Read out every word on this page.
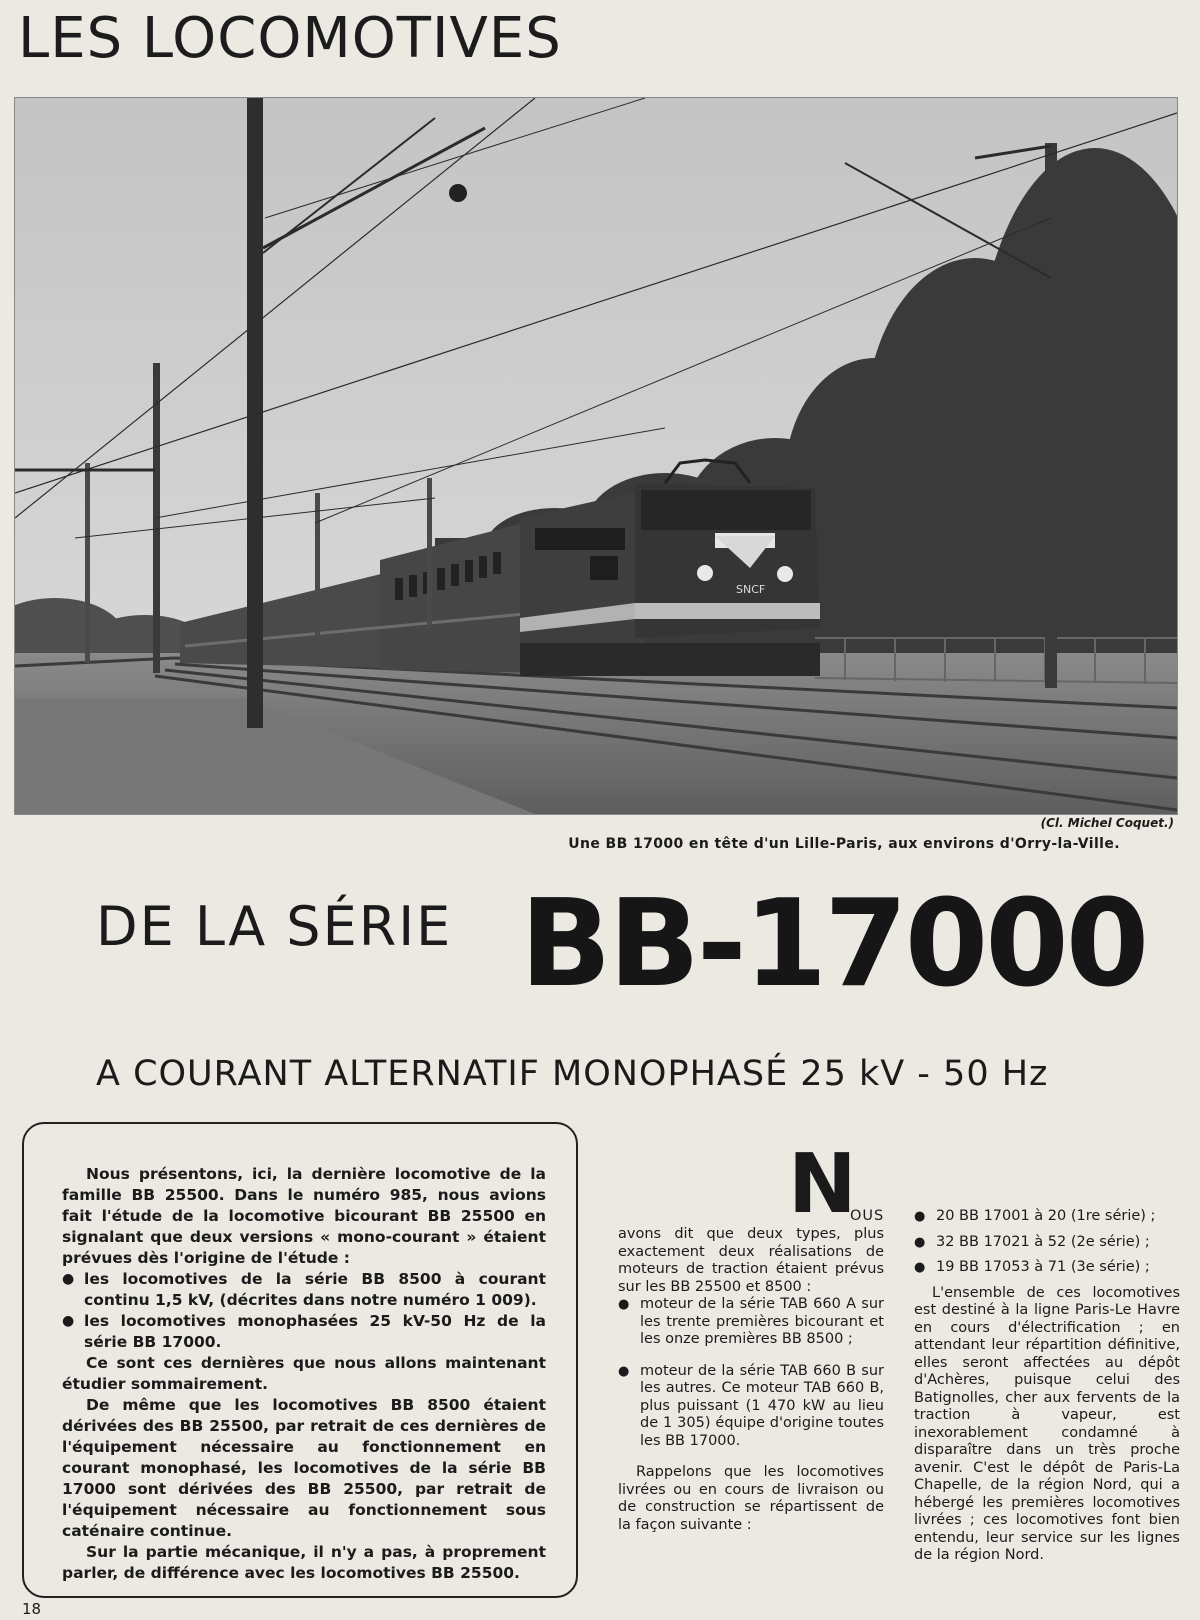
LES LOCOMOTIVES
SNCF
(Cl. Michel Coquet.)
Une BB 17000 en tête d'un Lille-Paris, aux environs d'Orry-la-Ville.
DE LA SÉRIE BB-17000
A COURANT ALTERNATIF MONOPHASÉ 25 kV - 50 Hz

Nous présentons, ici, la dernière locomotive de la famille BB 25500. Dans le numéro 985, nous avions fait l'étude de la locomotive bicourant BB 25500 en signalant que deux versions « mono-courant » étaient prévues dès l'origine de l'étude :

● les locomotives de la série BB 8500 à courant continu 1,5 kV, (décrites dans notre numéro 1 009).
● les locomotives monophasées 25 kV-50 Hz de la série BB 17000.

Ce sont ces dernières que nous allons maintenant étudier sommairement.

De même que les locomotives BB 8500 étaient dérivées des BB 25500, par retrait de ces dernières de l'équipement nécessaire au fonctionnement en courant monophasé, les locomotives de la série BB 17000 sont dérivées des BB 25500, par retrait de l'équipement nécessaire au fonctionnement sous caténaire continue.

Sur la partie mécanique, il n'y a pas, à proprement parler, de différence avec les locomotives BB 25500.

N
OUS

avons dit que deux types, plus exactement deux réalisations de moteurs de traction étaient prévus sur les BB 25500 et 8500 :

● moteur de la série TAB 660 A sur les trente premières bicourant et les onze premières BB 8500 ;
● moteur de la série TAB 660 B sur les autres. Ce moteur TAB 660 B, plus puissant (1 470 kW au lieu de 1 305) équipe d'origine toutes les BB 17000.

Rappelons que les locomotives livrées ou en cours de livraison ou de construction se répartissent de la façon suivante :

● 20 BB 17001 à 20 (1re série) ;
● 32 BB 17021 à 52 (2e série) ;
● 19 BB 17053 à 71 (3e série) ;

L'ensemble de ces locomotives est destiné à la ligne Paris-Le Havre en cours d'électrification ; en attendant leur répartition définitive, elles seront affectées au dépôt d'Achères, puisque celui des Batignolles, cher aux fervents de la traction à vapeur, est inexorablement condamné à disparaître dans un très proche avenir. C'est le dépôt de Paris-La Chapelle, de la région Nord, qui a hébergé les premières locomotives livrées ; ces locomotives font bien entendu, leur service sur les lignes de la région Nord.

18
